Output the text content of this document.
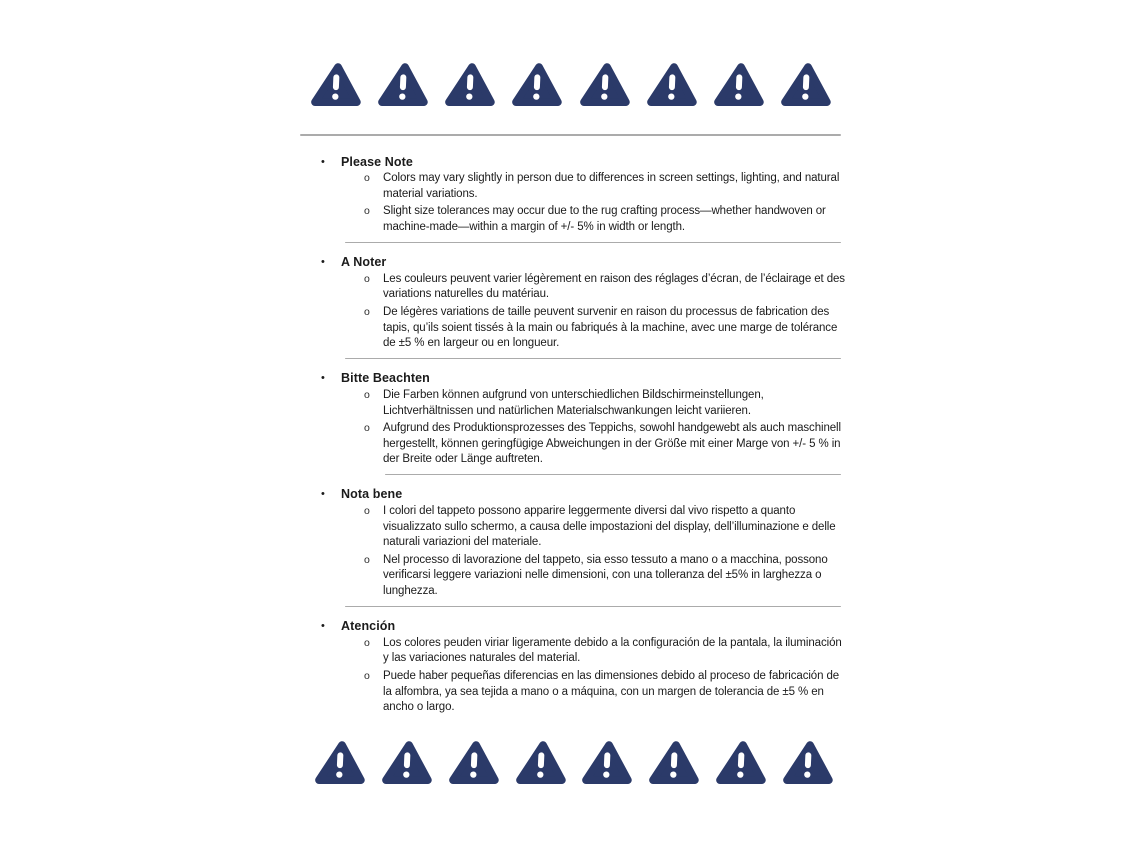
•	Please Note
o	Colors may vary slightly in person due to differences in screen settings, lighting, and natural material variations.
o	Slight size tolerances may occur due to the rug crafting process—whether handwoven or machine-made—within a margin of +/- 5% in width or length.
•	A Noter
o	Les couleurs peuvent varier légèrement en raison des réglages d’écran, de l’éclairage et des variations naturelles du matériau.
o	De légères variations de taille peuvent survenir en raison du processus de fabrication des tapis, qu’ils soient tissés à la main ou fabriqués à la machine, avec une marge de tolérance de ±5 % en largeur ou en longueur.
•	Bitte Beachten
o	Die Farben können aufgrund von unterschiedlichen Bildschirmeinstellungen, Lichtverhältnissen und natürlichen Materialschwankungen leicht variieren.
o	Aufgrund des Produktionsprozesses des Teppichs, sowohl handgewebt als auch maschinell hergestellt, können geringfügige Abweichungen in der Größe mit einer Marge von +/- 5 % in der Breite oder Länge auftreten.
•	Nota bene
o	I colori del tappeto possono apparire leggermente diversi dal vivo rispetto a quanto visualizzato sullo schermo, a causa delle impostazioni del display, dell’illuminazione e delle naturali variazioni del materiale.
o	Nel processo di lavorazione del tappeto, sia esso tessuto a mano o a macchina, possono verificarsi leggere variazioni nelle dimensioni, con una tolleranza del ±5% in larghezza o lunghezza.
•	Atención
o	Los colores peuden viriar ligeramente debido a la configuración de la pantala, la iluminación y las variaciones naturales del material.
o	Puede haber pequeñas diferencias en las dimensiones debido al proceso de fabricación de la alfombra, ya sea tejida a mano o a máquina, con un margen de tolerancia de ±5 % en ancho o largo.
